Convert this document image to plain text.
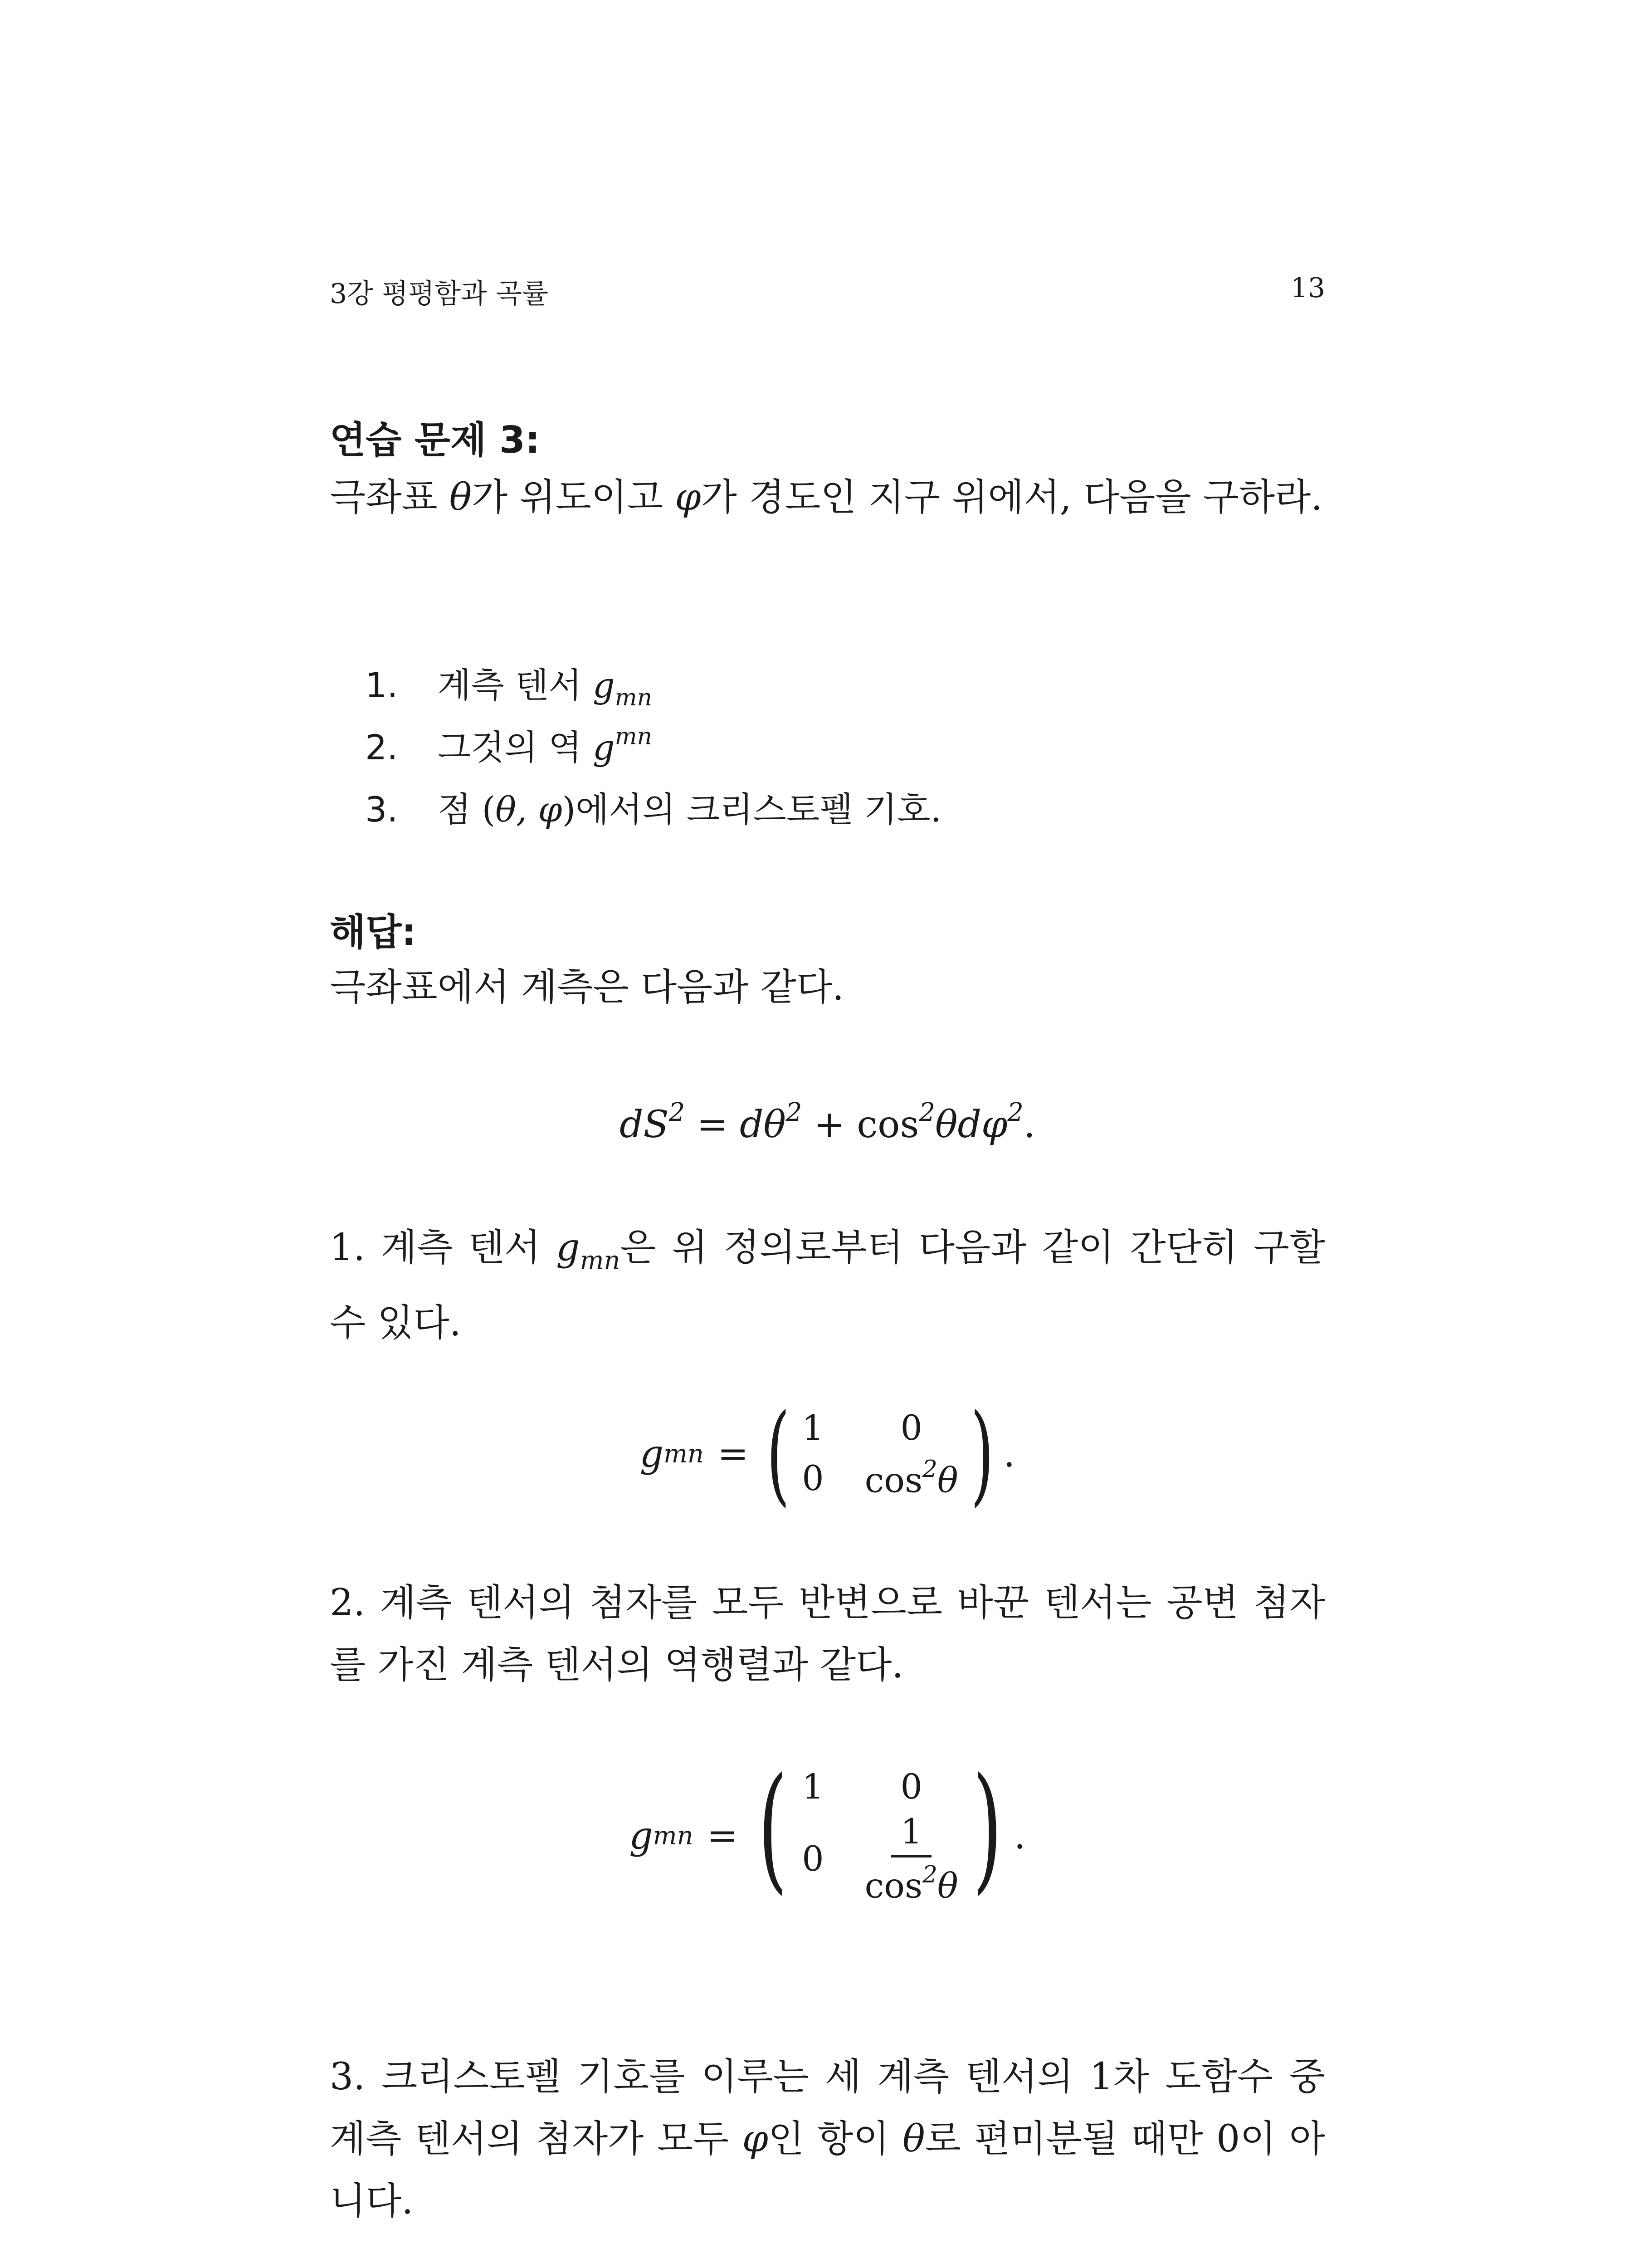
3강 평평함과 곡률	13
연습 문제 3:
극좌표 θ가 위도이고 φ가 경도인 지구 위에서, 다음을 구하라.
1. 계측 텐서 $g_{mn}$
2. 그것의 역 $g^{mn}$
3. 점 (θ, φ)에서의 크리스토펠 기호.
해답:
극좌표에서 계측은 다음과 같다.
$dS^2 = d\theta^2 + \cos^2\theta d\varphi^2$.
1. 계측 텐서 $g_{mn}$은 위 정의로부터 다음과 같이 간단히 구할 수 있다.
g mn = ( 1	0
0 $\cos^2\theta$ ) .
2. 계측 텐서의 첨자를 모두 반변으로 바꾼 텐서는 공변 첨자를 가진 계측 텐서의 역행렬과 같다.
g mn = ( 1	0
$0 \frac{1}{\cos^2\theta}$ ) .
3. 크리스토펠 기호를 이루는 세 계측 텐서의 1차 도함수 중 계측 텐서의 첨자가 모두 φ인 항이 θ로 편미분될 때만 0이 아니다.
